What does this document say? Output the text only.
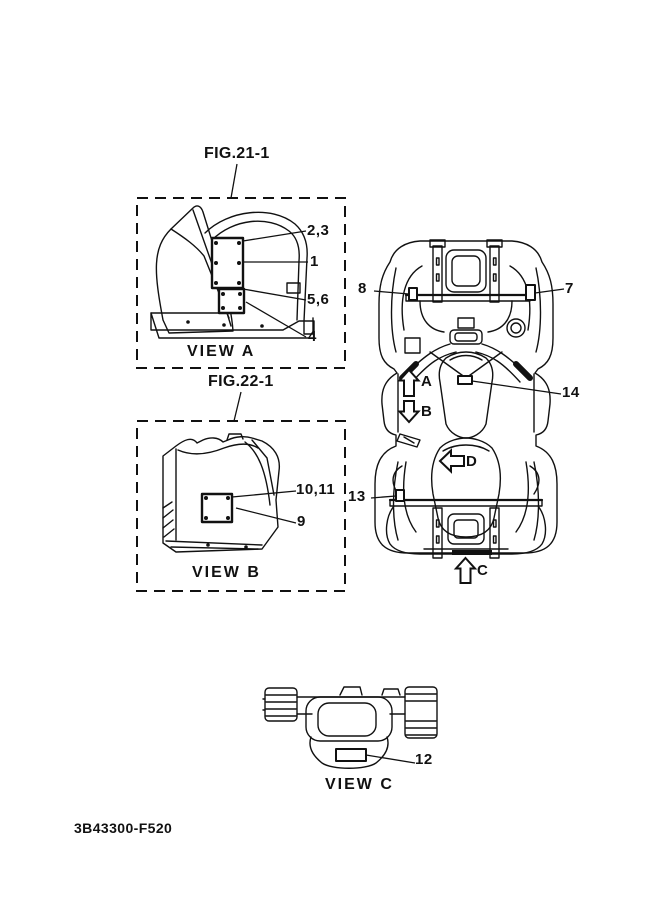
FIG.21-1
VIEW A
2,3
1
5,6
4
FIG.22-1
VIEW B
10,11
9
8	7
14
13
A
B
D
C
VIEW C
12
3B43300-F520
